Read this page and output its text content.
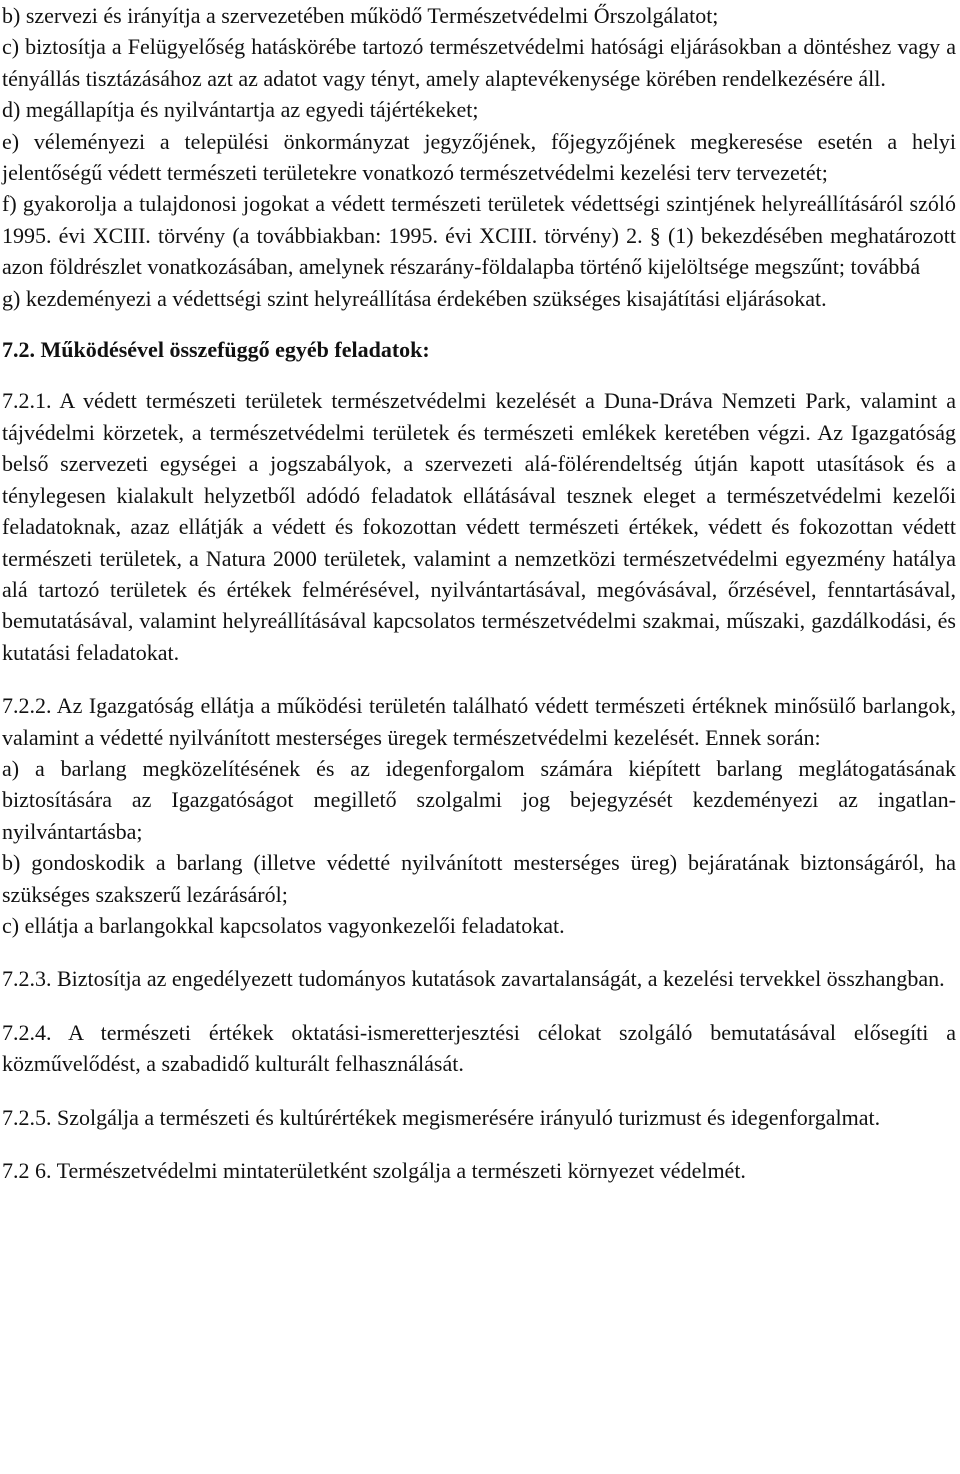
b) szervezi és irányítja a szervezetében működő Természetvédelmi Őrszolgálatot;

c) biztosítja a Felügyelőség hatáskörébe tartozó természetvédelmi hatósági eljárásokban a döntéshez vagy a tényállás tisztázásához azt az adatot vagy tényt, amely alaptevékenysége körében rendelkezésére áll.

d) megállapítja és nyilvántartja az egyedi tájértékeket;

e) véleményezi a települési önkormányzat jegyzőjének, főjegyzőjének megkeresése esetén a helyi jelentőségű védett természeti területekre vonatkozó természetvédelmi kezelési terv tervezetét;

f) gyakorolja a tulajdonosi jogokat a védett természeti területek védettségi szintjének helyreállításáról szóló 1995. évi XCIII. törvény (a továbbiakban: 1995. évi XCIII. törvény) 2. § (1) bekezdésében meghatározott azon földrészlet vonatkozásában, amelynek részarány-földalapba történő kijelöltsége megszűnt; továbbá

g) kezdeményezi a védettségi szint helyreállítása érdekében szükséges kisajátítási eljárásokat.

7.2. Működésével összefüggő egyéb feladatok:

7.2.1. A védett természeti területek természetvédelmi kezelését a Duna-Dráva Nemzeti Park, valamint a tájvédelmi körzetek, a természetvédelmi területek és természeti emlékek keretében végzi. Az Igazgatóság belső szervezeti egységei a jogszabályok, a szervezeti alá-fölérendeltség útján kapott utasítások és a ténylegesen kialakult helyzetből adódó feladatok ellátásával tesznek eleget a természetvédelmi kezelői feladatoknak, azaz ellátják a védett és fokozottan védett természeti értékek, védett és fokozottan védett természeti területek, a Natura 2000 területek, valamint a nemzetközi természetvédelmi egyezmény hatálya alá tartozó területek és értékek felmérésével, nyilvántartásával, megóvásával, őrzésével, fenntartásával, bemutatásával, valamint helyreállításával kapcsolatos természetvédelmi szakmai, műszaki, gazdálkodási, és kutatási feladatokat.

7.2.2. Az Igazgatóság ellátja a működési területén található védett természeti értéknek minősülő barlangok, valamint a védetté nyilvánított mesterséges üregek természetvédelmi kezelését. Ennek során:

a) a barlang megközelítésének és az idegenforgalom számára kiépített barlang meglátogatásának biztosítására az Igazgatóságot megillető szolgalmi jog bejegyzését kezdeményezi az ingatlan-nyilvántartásba;

b) gondoskodik a barlang (illetve védetté nyilvánított mesterséges üreg) bejáratának biztonságáról, ha szükséges szakszerű lezárásáról;

c) ellátja a barlangokkal kapcsolatos vagyonkezelői feladatokat.

7.2.3. Biztosítja az engedélyezett tudományos kutatások zavartalanságát, a kezelési tervekkel összhangban.

7.2.4. A természeti értékek oktatási-ismeretterjesztési célokat szolgáló bemutatásával elősegíti a közművelődést, a szabadidő kulturált felhasználását.

7.2.5. Szolgálja a természeti és kultúrértékek megismerésére irányuló turizmust és idegenforgalmat.

7.2 6. Természetvédelmi mintaterületként szolgálja a természeti környezet védelmét.
